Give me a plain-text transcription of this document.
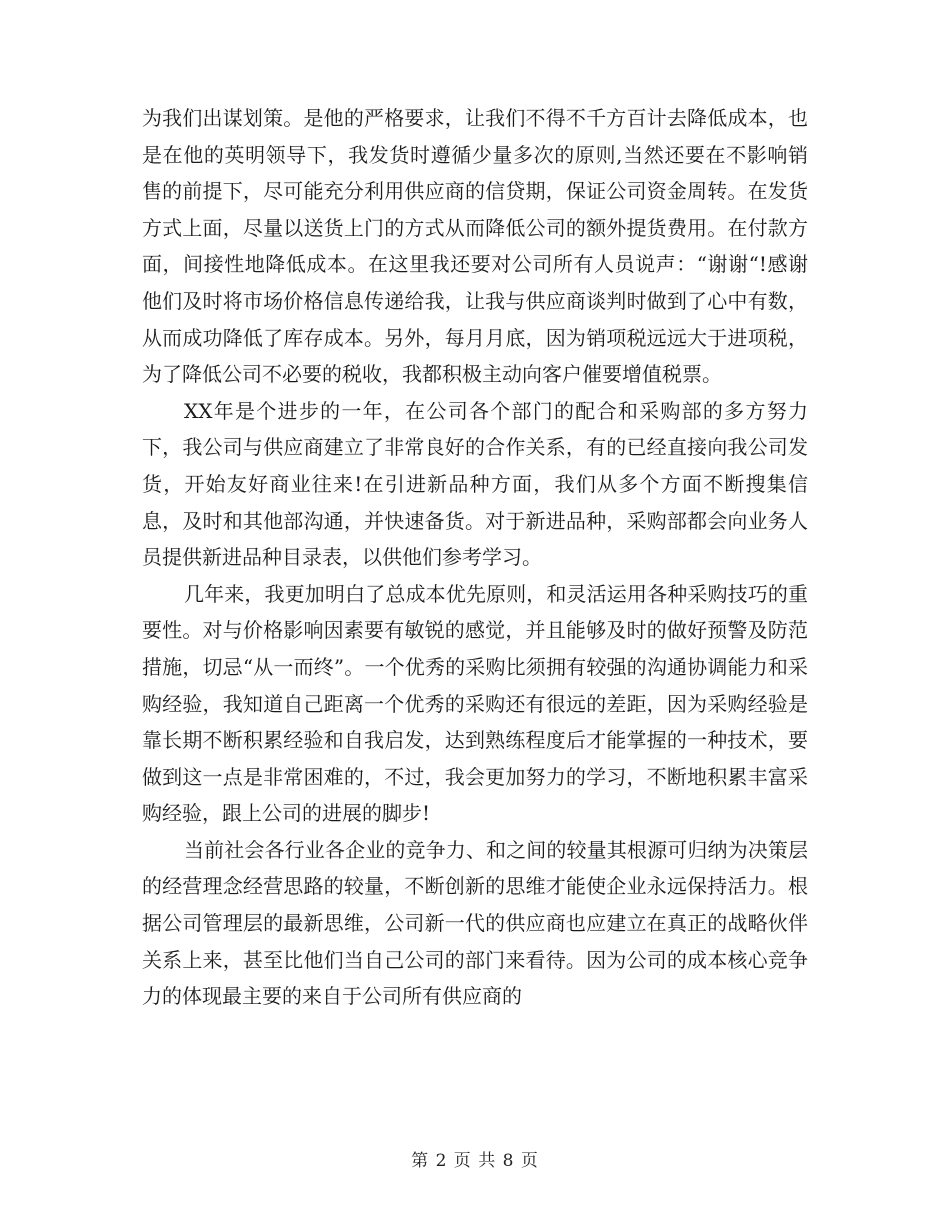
为我们出谋划策。是他的严格要求，让我们不得不千方百计去降低成本，也是在他的英明领导下，我发货时遵循少量多次的原则,当然还要在不影响销售的前提下，尽可能充分利用供应商的信贷期，保证公司资金周转。在发货方式上面，尽量以送货上门的方式从而降低公司的额外提货费用。在付款方面，间接性地降低成本。在这里我还要对公司所有人员说声：“谢谢“!感谢他们及时将市场价格信息传递给我，让我与供应商谈判时做到了心中有数，从而成功降低了库存成本。另外，每月月底，因为销项税远远大于进项税，为了降低公司不必要的税收，我都积极主动向客户催要增值税票。

XX年是个进步的一年，在公司各个部门的配合和采购部的多方努力下，我公司与供应商建立了非常良好的合作关系，有的已经直接向我公司发货，开始友好商业往来!在引进新品种方面，我们从多个方面不断搜集信息，及时和其他部沟通，并快速备货。对于新进品种，采购部都会向业务人员提供新进品种目录表，以供他们参考学习。

几年来，我更加明白了总成本优先原则，和灵活运用各种采购技巧的重要性。对与价格影响因素要有敏锐的感觉，并且能够及时的做好预警及防范措施，切忌“从一而终”。一个优秀的采购比须拥有较强的沟通协调能力和采购经验，我知道自己距离一个优秀的采购还有很远的差距，因为采购经验是靠长期不断积累经验和自我启发，达到熟练程度后才能掌握的一种技术，要做到这一点是非常困难的，不过，我会更加努力的学习，不断地积累丰富采购经验，跟上公司的进展的脚步!

当前社会各行业各企业的竞争力、和之间的较量其根源可归纳为决策层的经营理念经营思路的较量，不断创新的思维才能使企业永远保持活力。根据公司管理层的最新思维，公司新一代的供应商也应建立在真正的战略伙伴关系上来，甚至比他们当自己公司的部门来看待。因为公司的成本核心竞争力的体现最主要的来自于公司所有供应商的

第 2 页 共 8 页
